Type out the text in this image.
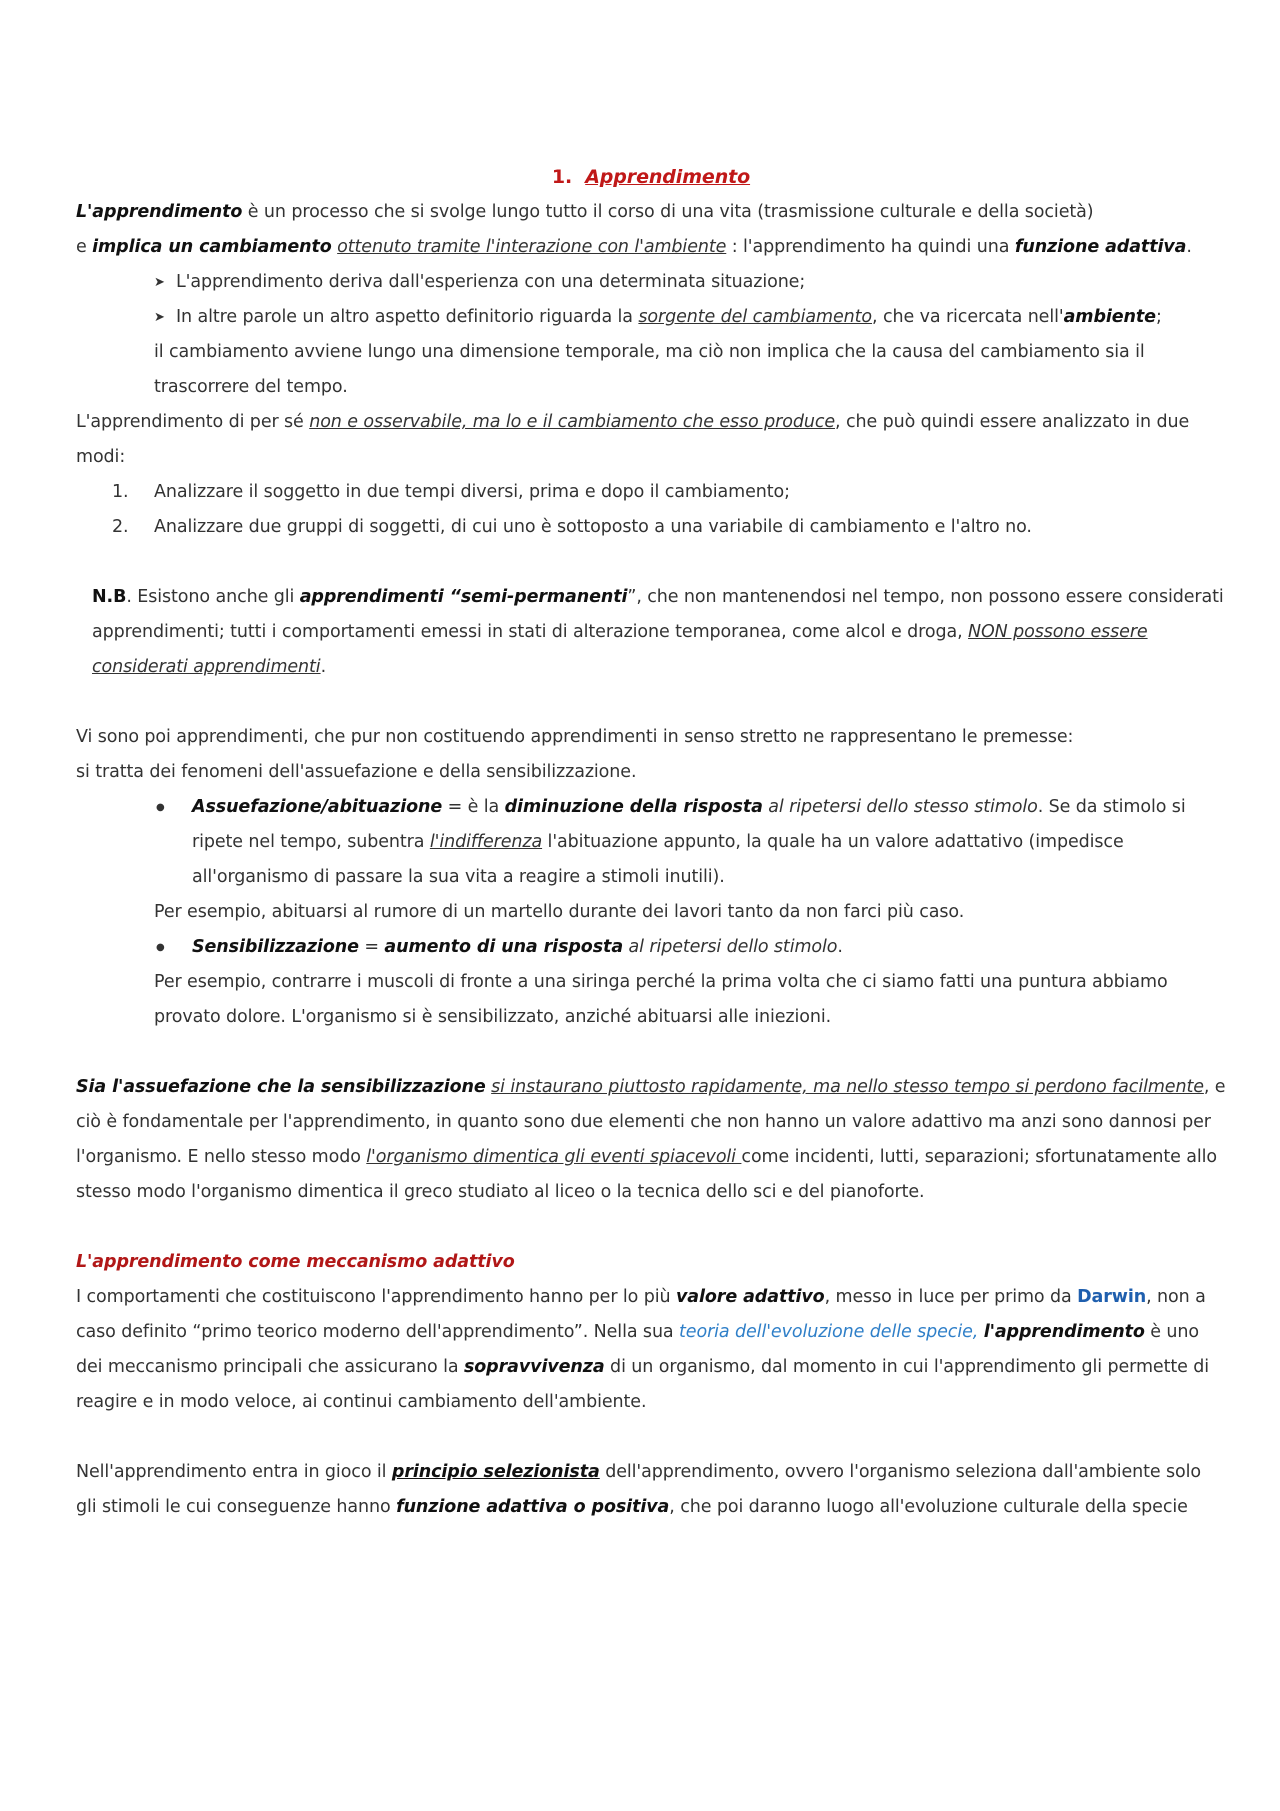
1. Apprendimento

L'apprendimento è un processo che si svolge lungo tutto il corso di una vita (trasmissione culturale e della società)
e implica un cambiamento ottenuto tramite l'interazione con l'ambiente : l'apprendimento ha quindi una funzione adattiva.

➤ L'apprendimento deriva dall'esperienza con una determinata situazione;

➤ In altre parole un altro aspetto definitorio riguarda la sorgente del cambiamento, che va ricercata nell'ambiente;

il cambiamento avviene lungo una dimensione temporale, ma ciò non implica che la causa del cambiamento sia il trascorrere del tempo.

L'apprendimento di per sé non e osservabile, ma lo e il cambiamento che esso produce, che può quindi essere analizzato in due modi:

1. Analizzare il soggetto in due tempi diversi, prima e dopo il cambiamento;
2. Analizzare due gruppi di soggetti, di cui uno è sottoposto a una variabile di cambiamento e l'altro no.

N.B. Esistono anche gli apprendimenti “semi-permanenti”, che non mantenendosi nel tempo, non possono essere considerati apprendimenti; tutti i comportamenti emessi in stati di alterazione temporanea, come alcol e droga, NON possono essere considerati apprendimenti.

Vi sono poi apprendimenti, che pur non costituendo apprendimenti in senso stretto ne rappresentano le premesse:
si tratta dei fenomeni dell'assuefazione e della sensibilizzazione.

● Assuefazione/abituazione = è la diminuzione della risposta al ripetersi dello stesso stimolo. Se da stimolo si ripete nel tempo, subentra l'indifferenza l'abituazione appunto, la quale ha un valore adattativo (impedisce all'organismo di passare la sua vita a reagire a stimoli inutili).
Per esempio, abituarsi al rumore di un martello durante dei lavori tanto da non farci più caso.
● Sensibilizzazione = aumento di una risposta al ripetersi dello stimolo.
Per esempio, contrarre i muscoli di fronte a una siringa perché la prima volta che ci siamo fatti una puntura abbiamo provato dolore. L'organismo si è sensibilizzato, anziché abituarsi alle iniezioni.

Sia l'assuefazione che la sensibilizzazione si instaurano piuttosto rapidamente, ma nello stesso tempo si perdono facilmente, e ciò è fondamentale per l'apprendimento, in quanto sono due elementi che non hanno un valore adattivo ma anzi sono dannosi per l'organismo. E nello stesso modo l'organismo dimentica gli eventi spiacevoli come incidenti, lutti, separazioni; sfortunatamente allo stesso modo l'organismo dimentica il greco studiato al liceo o la tecnica dello sci e del pianoforte.

L'apprendimento come meccanismo adattivo

I comportamenti che costituiscono l'apprendimento hanno per lo più valore adattivo, messo in luce per primo da Darwin, non a caso definito “primo teorico moderno dell'apprendimento”. Nella sua teoria dell'evoluzione delle specie, l'apprendimento è uno dei meccanismo principali che assicurano la sopravvivenza di un organismo, dal momento in cui l'apprendimento gli permette di reagire e in modo veloce, ai continui cambiamento dell'ambiente.

Nell'apprendimento entra in gioco il principio selezionista dell'apprendimento, ovvero l'organismo seleziona dall'ambiente solo gli stimoli le cui conseguenze hanno funzione adattiva o positiva, che poi daranno luogo all'evoluzione culturale della specie
